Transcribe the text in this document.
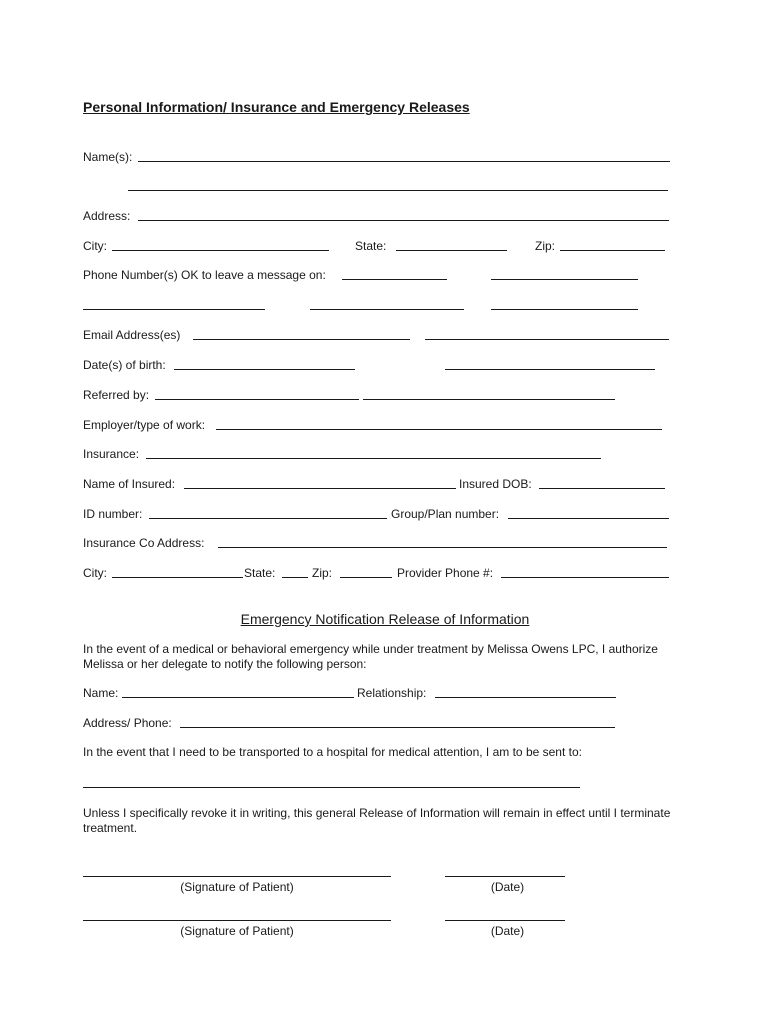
Personal Information/ Insurance and Emergency Releases
Name(s):
Address:
City:	State:	Zip:
Phone Number(s) OK to leave a message on:
Email Address(es)
Date(s) of birth:
Referred by:
Employer/type of work:
Insurance:
Name of Insured:	Insured DOB:
ID number:	Group/Plan number:
Insurance Co Address:
City:	State:	Zip:	Provider Phone #:
Emergency Notification Release of Information
In the event of a medical or behavioral emergency while under treatment by Melissa Owens LPC, I authorize Melissa or her delegate to notify the following person:
Name:	Relationship:
Address/ Phone:
In the event that I need to be transported to a hospital for medical attention, I am to be sent to:
Unless I specifically revoke it in writing, this general Release of Information will remain in effect until I terminate treatment.
(Signature of Patient)	(Date)
(Signature of Patient)	(Date)
